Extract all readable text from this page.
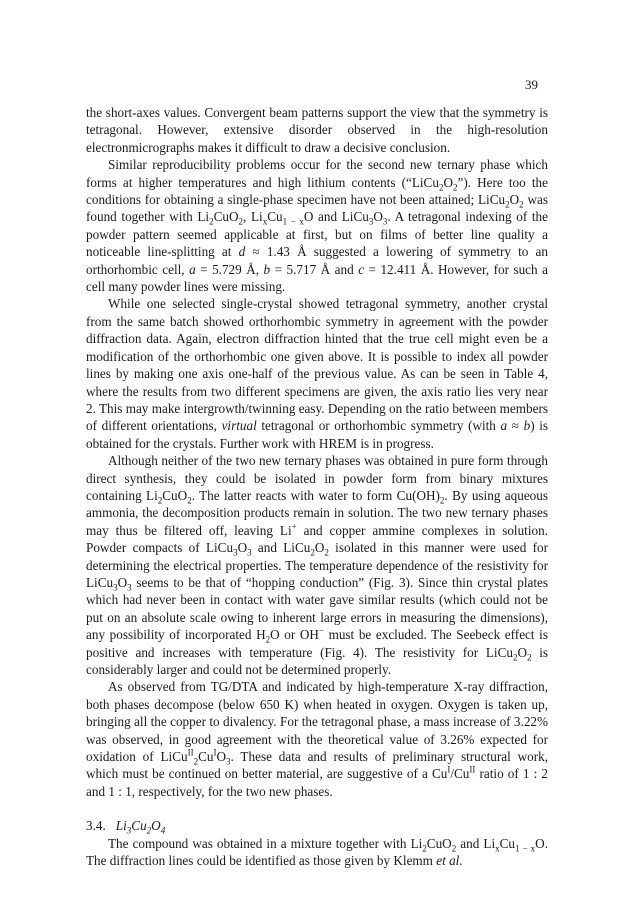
39

the short-axes values. Convergent beam patterns support the view that the symmetry is tetragonal. However, extensive disorder observed in the high-resolution electronmicrographs makes it difficult to draw a decisive conclusion.

Similar reproducibility problems occur for the second new ternary phase which forms at higher temperatures and high lithium contents $(“LiCu_2O_2”)$. Here too the conditions for obtaining a single-phase specimen have not been attained; $LiCu_2O_2$ was found together with $Li_2CuO_2$, $Li_xCu_{1 - x}O$ and $LiCu_3O_3$. A tetragonal indexing of the powder pattern seemed applicable at first, but on films of better line quality a noticeable line-splitting at d ≈ 1.43 Å suggested a lowering of symmetry to an orthorhombic cell, a = 5.729 Å, b = 5.717 Å and c = 12.411 Å. However, for such a cell many powder lines were missing.

While one selected single-crystal showed tetragonal symmetry, another crystal from the same batch showed orthorhombic symmetry in agreement with the powder diffraction data. Again, electron diffraction hinted that the true cell might even be a modification of the orthorhombic one given above. It is possible to index all powder lines by making one axis one-half of the previous value. As can be seen in Table 4, where the results from two different specimens are given, the axis ratio lies very near 2. This may make intergrowth/twinning easy. Depending on the ratio between members of different orientations, virtual tetragonal or orthorhombic symmetry (with a ≈ b) is obtained for the crystals. Further work with HREM is in progress.

Although neither of the two new ternary phases was obtained in pure form through direct synthesis, they could be isolated in powder form from binary mixtures containing $Li_2CuO_2$. The latter reacts with water to form $Cu(OH)_2$. By using aqueous ammonia, the decomposition products remain in solution. The two new ternary phases may thus be filtered off, leaving Li+ and copper ammine complexes in solution. Powder compacts of $LiCu_3O_3$ and $LiCu_2O_2$ isolated in this manner were used for determining the electrical properties. The temperature dependence of the resistivity for $LiCu_3O_3$ seems to be that of “hopping conduction” (Fig. 3). Since thin crystal plates which had never been in contact with water gave similar results (which could not be put on an absolute scale owing to inherent large errors in measuring the dimensions), any possibility of incorporated $H_2O$ or OH− must be excluded. The Seebeck effect is positive and increases with temperature (Fig. 4). The resistivity for $LiCu_2O_2$ is considerably larger and could not be determined properly.

As observed from TG/DTA and indicated by high-temperature X-ray diffraction, both phases decompose (below 650 K) when heated in oxygen. Oxygen is taken up, bringing all the copper to divalency. For the tetragonal phase, a mass increase of 3.22% was observed, in good agreement with the theoretical value of 3.26% expected for oxidation of $LiCu^{II}_2Cu^IO_3$. These data and results of preliminary structural work, which must be continued on better material, are suggestive of a $Cu^I/Cu^{II}$ ratio of 1 : 2 and 1 : 1, respectively, for the two new phases.

3.4. $Li_3Cu_2O_4$

The compound was obtained in a mixture together with $Li_2CuO_2$ and $Li_xCu_{1 - x}O$. The diffraction lines could be identified as those given by Klemm et al.
